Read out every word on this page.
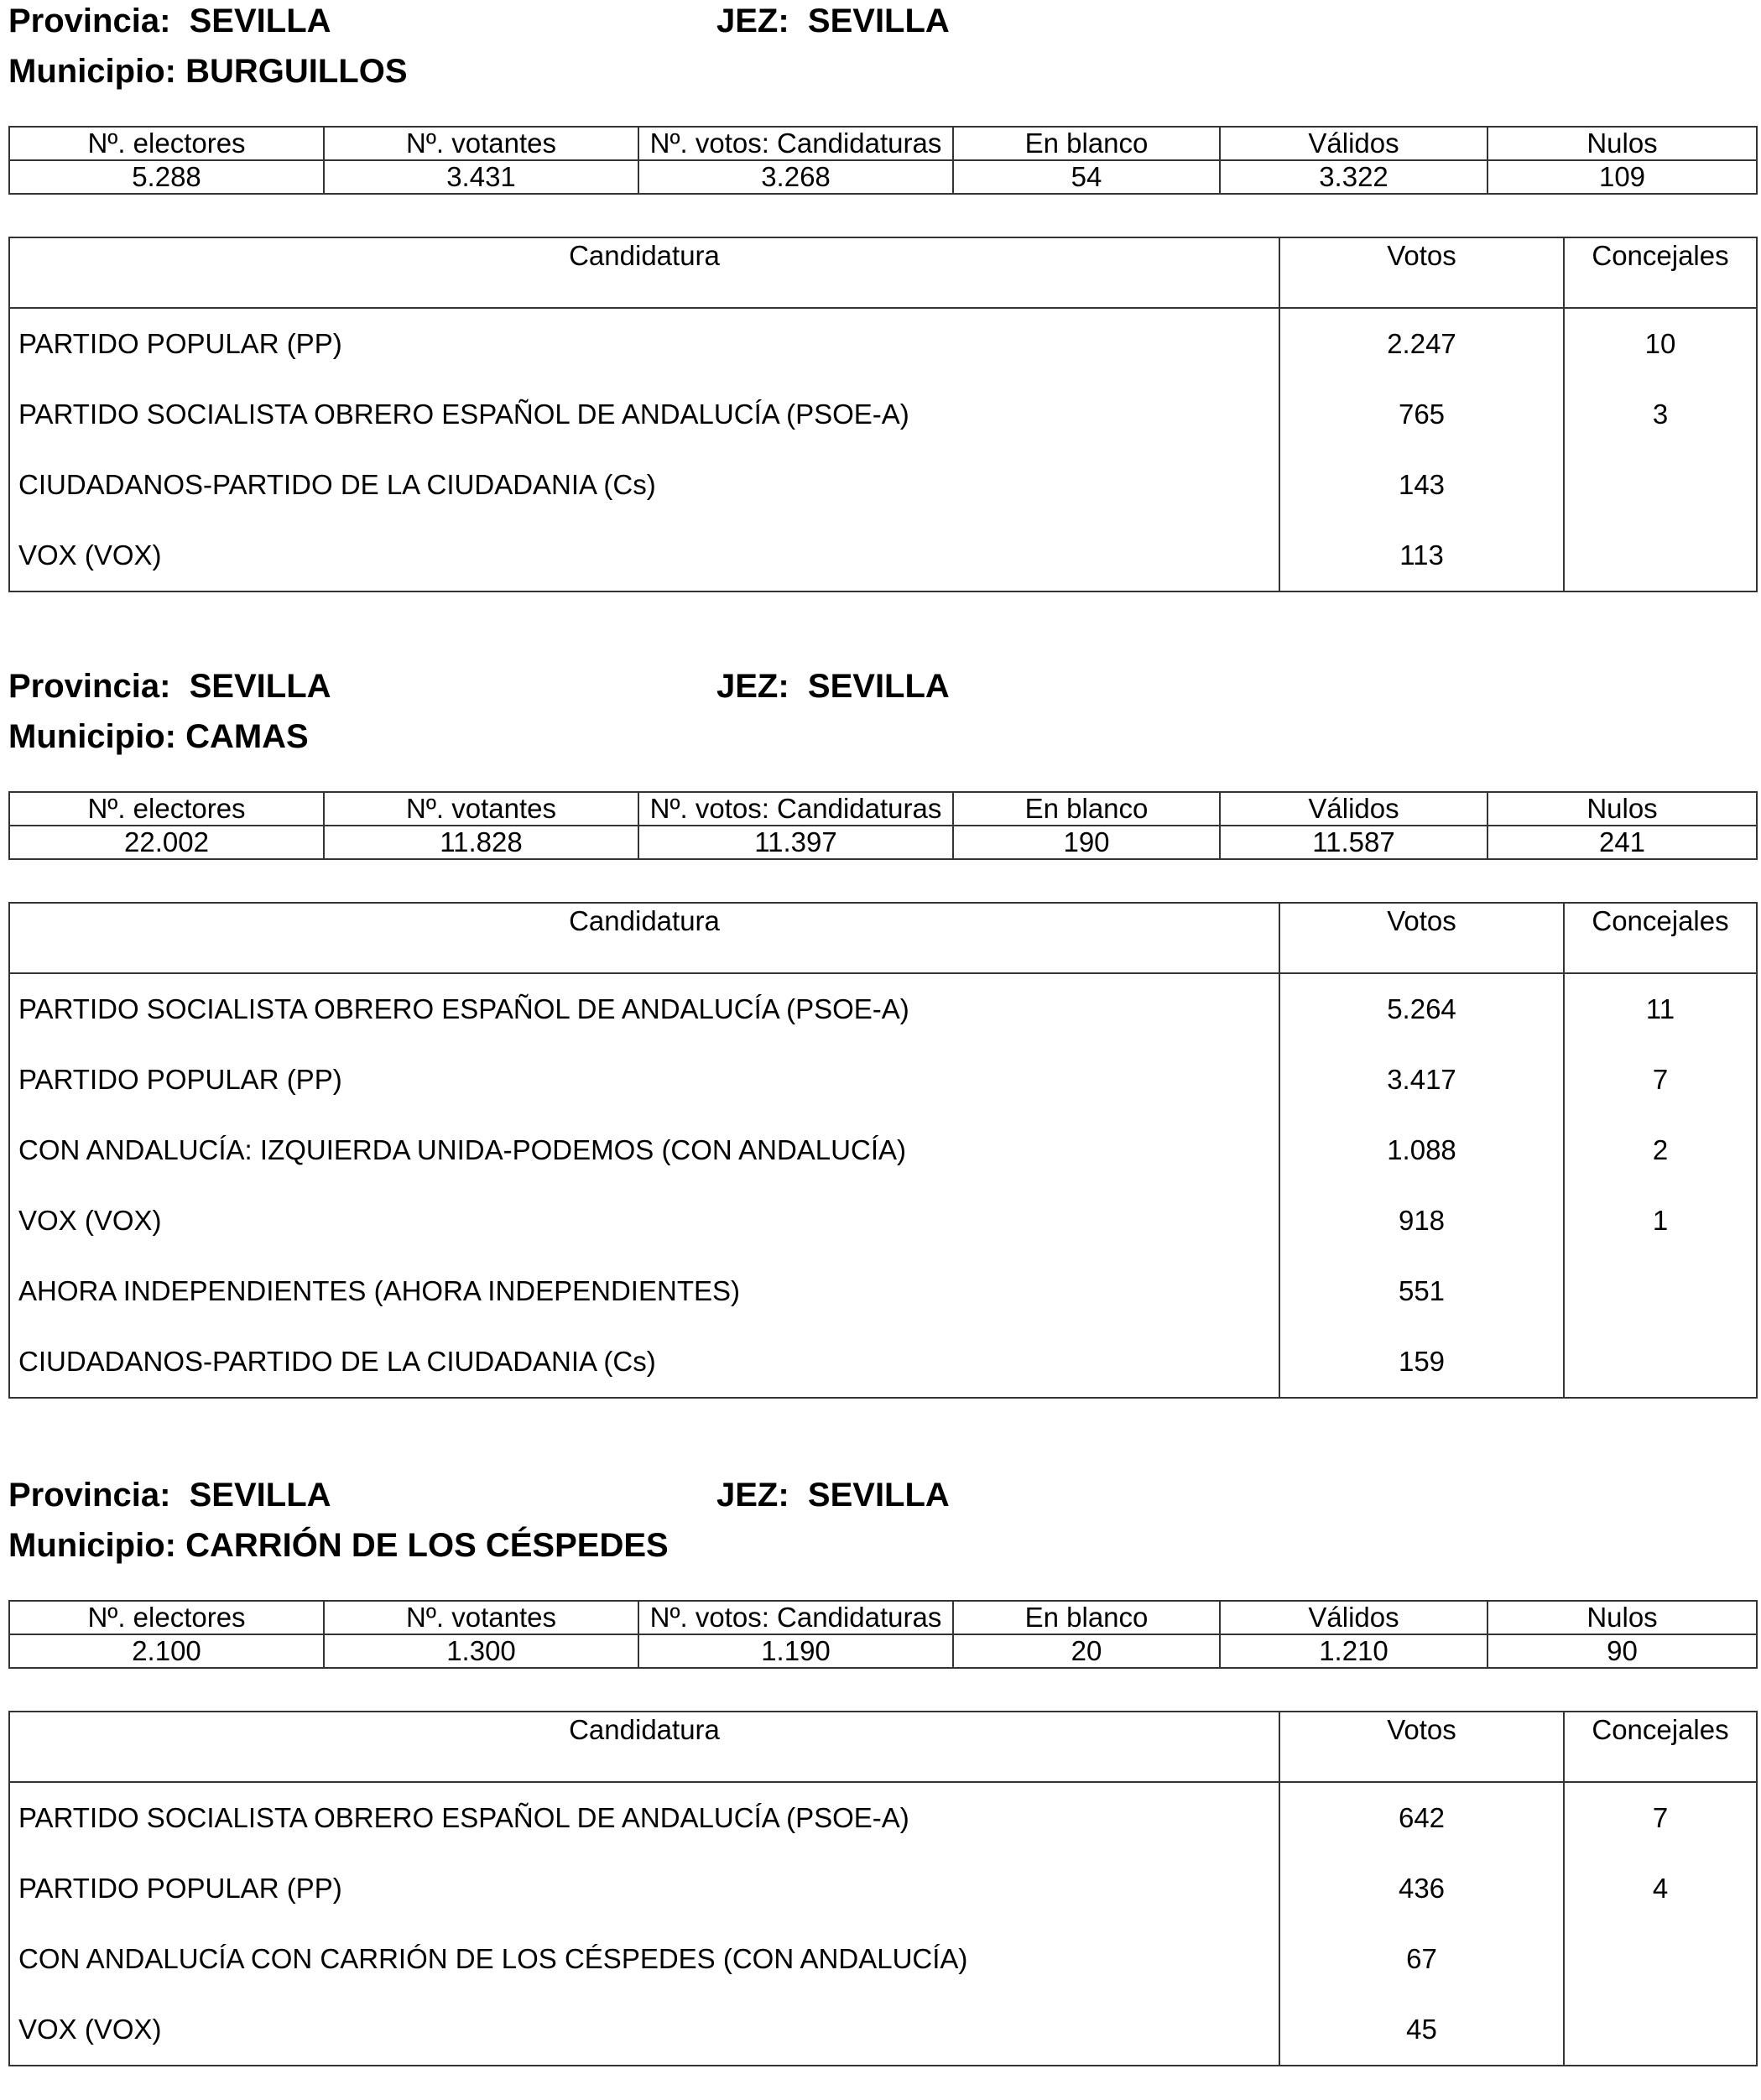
Provincia:  SEVILLA	JEZ:  SEVILLA
Municipio: BURGUILLOS
Nº. electores	Nº. votantes	Nº. votos: Candidaturas	En blanco	Válidos	Nulos
5.288	3.431	3.268	54	3.322	109
Candidatura	Votos	Concejales
PARTIDO POPULAR (PP)	2.247	10
PARTIDO SOCIALISTA OBRERO ESPAÑOL DE ANDALUCÍA (PSOE-A)	765	3
CIUDADANOS-PARTIDO DE LA CIUDADANIA (Cs)	143	
VOX (VOX)	113	
Provincia:  SEVILLA	JEZ:  SEVILLA
Municipio: CAMAS
Nº. electores	Nº. votantes	Nº. votos: Candidaturas	En blanco	Válidos	Nulos
22.002	11.828	11.397	190	11.587	241
Candidatura	Votos	Concejales
PARTIDO SOCIALISTA OBRERO ESPAÑOL DE ANDALUCÍA (PSOE-A)	5.264	11
PARTIDO POPULAR (PP)	3.417	7
CON ANDALUCÍA: IZQUIERDA UNIDA-PODEMOS (CON ANDALUCÍA)	1.088	2
VOX (VOX)	918	1
AHORA INDEPENDIENTES (AHORA INDEPENDIENTES)	551	
CIUDADANOS-PARTIDO DE LA CIUDADANIA (Cs)	159	
Provincia:  SEVILLA	JEZ:  SEVILLA
Municipio: CARRIÓN DE LOS CÉSPEDES
Nº. electores	Nº. votantes	Nº. votos: Candidaturas	En blanco	Válidos	Nulos
2.100	1.300	1.190	20	1.210	90
Candidatura	Votos	Concejales
PARTIDO SOCIALISTA OBRERO ESPAÑOL DE ANDALUCÍA (PSOE-A)	642	7
PARTIDO POPULAR (PP)	436	4
CON ANDALUCÍA CON CARRIÓN DE LOS CÉSPEDES (CON ANDALUCÍA)	67	
VOX (VOX)	45	
